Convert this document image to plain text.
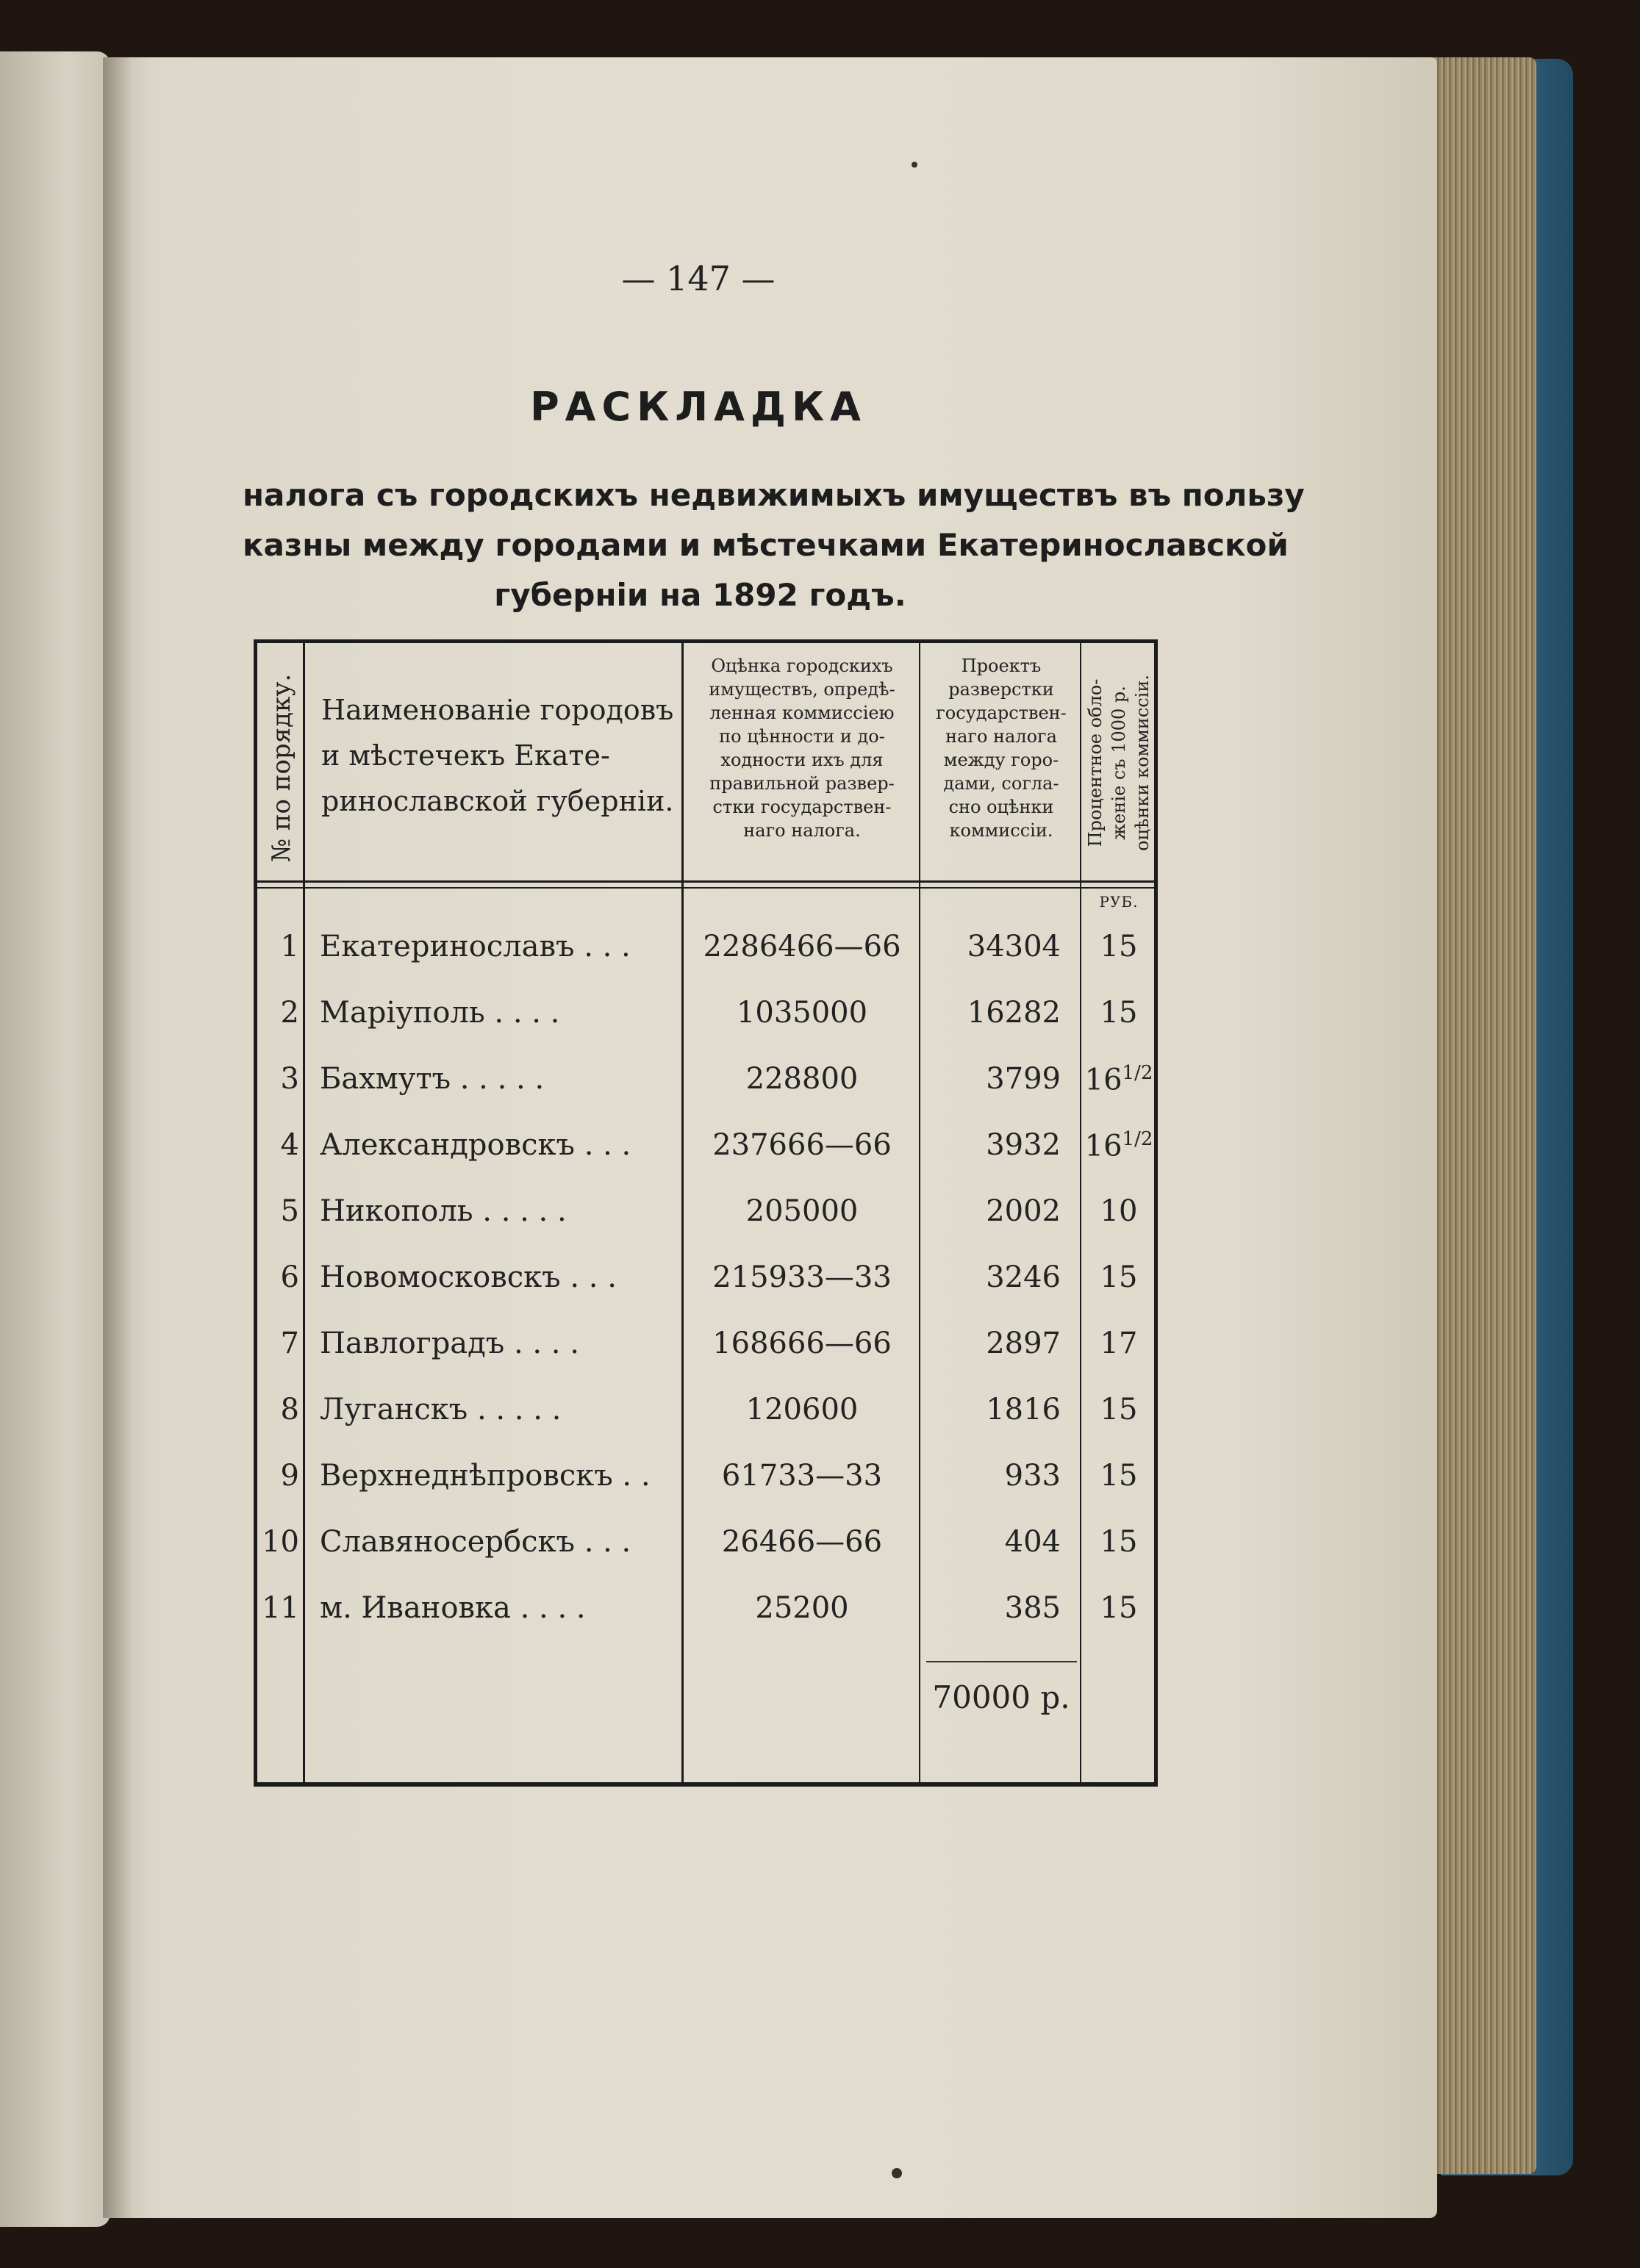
— 147 —
РАСКЛАДКА
налога съ городскихъ недвижимыхъ имуществъ въ пользу
казны между городами и мѣстечками Екатеринославской
губерніи на 1892 годъ.
№ по порядку. Наименованіе городовъ
и мѣстечекъ Екате-
ринославской губерніи.
Оцѣнка городскихъ
имуществъ, опредѣ-
ленная коммиссіею
по цѣнности и до-
ходности ихъ для
правильной развер-
стки государствен-
наго налога.
Проектъ
разверстки
государствен-
наго налога
между горо-
дами, согла-
сно оцѣнки
коммиссіи.	Процентное обло- женіе съ 1000 р. оцѣнки коммиссіи.
РУБ.
1 Екатеринославъ . . .	2286466—66	34304	15
2 Маріуполь . . . .	1035000	16282	15
3 Бахмутъ . . . . .	228800	3799 $16^{1/2}$
4 Александровскъ . . .	237666—66	3932 $16^{1/2}$
5 Никополь . . . . .	205000	2002	10
6 Новомосковскъ . . .	215933—33	3246	15
7 Павлоградъ . . . .	168666—66	2897	17
8 Луганскъ . . . . .	120600	1816	15
9 Верхнеднѣпровскъ . .	61733—33	933	15
10 Славяносербскъ . . .	26466—66	404	15
11 м. Ивановка . . . .	25200	385	15
70000 р.
